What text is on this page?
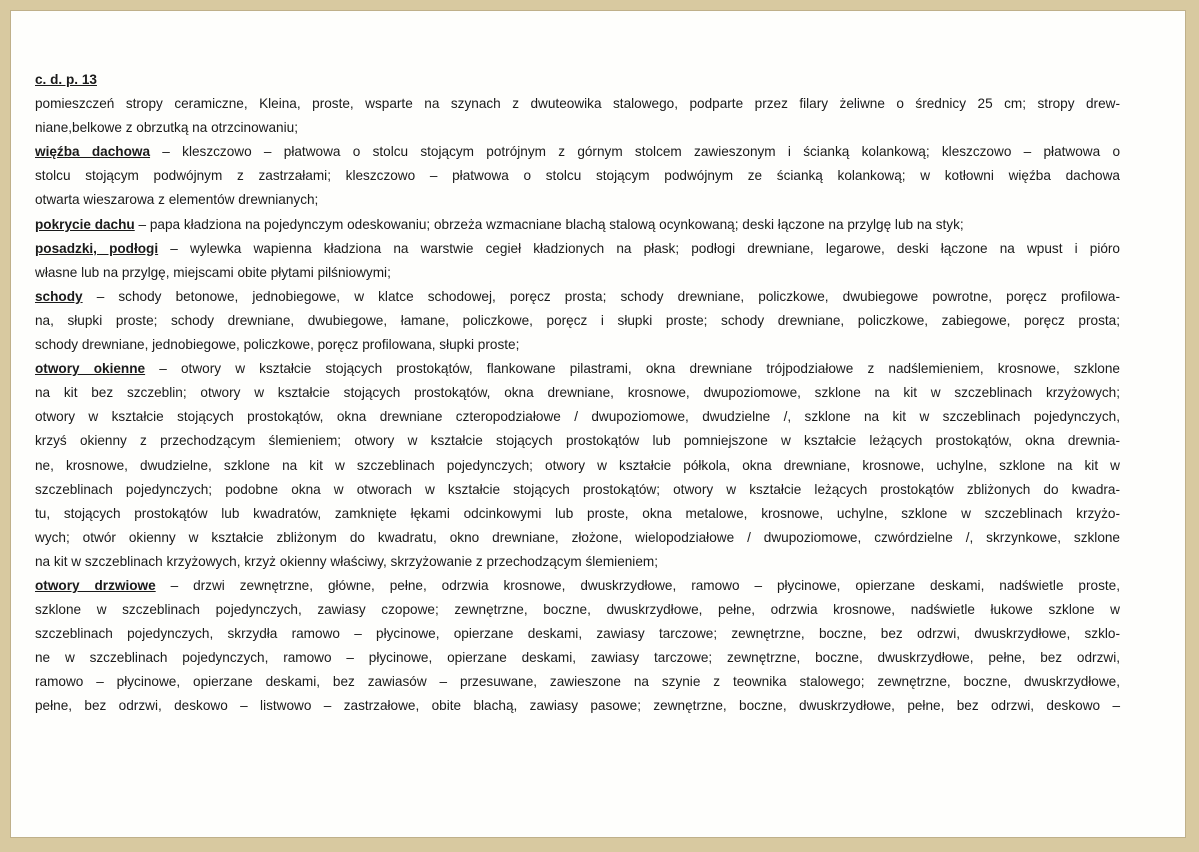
c. d. p. 13
pomieszczeń stropy ceramiczne, Kleina, proste, wsparte na szynach z dwuteowika stalowego, podparte przez filary żeliwne o średnicy 25 cm; stropy drew-
niane,belkowe z obrzutką na otrzcinowaniu;
więźba dachowa – kleszczowo – płatwowa o stolcu stojącym potrójnym z górnym stolcem zawieszonym i ścianką kolankową; kleszczowo – płatwowa o
stolcu stojącym podwójnym z zastrzałami; kleszczowo – płatwowa o stolcu stojącym podwójnym ze ścianką kolankową; w kotłowni więźba dachowa
otwarta wieszarowa z elementów drewnianych;
pokrycie dachu – papa kładziona na pojedynczym odeskowaniu; obrzeża wzmacniane blachą stalową ocynkowaną; deski łączone na przylgę lub na styk;
posadzki, podłogi – wylewka wapienna kładziona na warstwie cegieł kładzionych na płask; podłogi drewniane, legarowe, deski łączone na wpust i pióro
własne lub na przylgę, miejscami obite płytami pilśniowymi;
schody – schody betonowe, jednobiegowe, w klatce schodowej, poręcz prosta; schody drewniane, policzkowe, dwubiegowe powrotne, poręcz profilowa-
na, słupki proste; schody drewniane, dwubiegowe, łamane, policzkowe, poręcz i słupki proste; schody drewniane, policzkowe, zabiegowe, poręcz prosta;
schody drewniane, jednobiegowe, policzkowe, poręcz profilowana, słupki proste;
otwory okienne – otwory w kształcie stojących prostokątów, flankowane pilastrami, okna drewniane trójpodziałowe z nadślemieniem, krosnowe, szklone
na kit bez szczeblin; otwory w kształcie stojących prostokątów, okna drewniane, krosnowe, dwupoziomowe, szklone na kit w szczeblinach krzyżowych;
otwory w kształcie stojących prostokątów, okna drewniane czteropodziałowe / dwupoziomowe, dwudzielne /, szklone na kit w szczeblinach pojedynczych,
krzyś okienny z przechodzącym ślemieniem; otwory w kształcie stojących prostokątów lub pomniejszone w kształcie leżących prostokątów, okna drewnia-
ne, krosnowe, dwudzielne, szklone na kit w szczeblinach pojedynczych; otwory w kształcie półkola, okna drewniane, krosnowe, uchylne, szklone na kit w
szczeblinach pojedynczych; podobne okna w otworach w kształcie stojących prostokątów; otwory w kształcie leżących prostokątów zbliżonych do kwadra-
tu, stojących prostokątów lub kwadratów, zamknięte łękami odcinkowymi lub proste, okna metalowe, krosnowe, uchylne, szklone w szczeblinach krzyżo-
wych; otwór okienny w kształcie zbliżonym do kwadratu, okno drewniane, złożone, wielopodziałowe / dwupoziomowe, czwórdzielne /, skrzynkowe, szklone
na kit w szczeblinach krzyżowych, krzyż okienny właściwy, skrzyżowanie z przechodzącym ślemieniem;
otwory drzwiowe – drzwi zewnętrzne, główne, pełne, odrzwia krosnowe, dwuskrzydłowe, ramowo – płycinowe, opierzane deskami, nadświetle proste,
szklone w szczeblinach pojedynczych, zawiasy czopowe; zewnętrzne, boczne, dwuskrzydłowe, pełne, odrzwia krosnowe, nadświetle łukowe szklone w
szczeblinach pojedynczych, skrzydła ramowo – płycinowe, opierzane deskami, zawiasy tarczowe; zewnętrzne, boczne, bez odrzwi, dwuskrzydłowe, szklo-
ne w szczeblinach pojedynczych, ramowo – płycinowe, opierzane deskami, zawiasy tarczowe; zewnętrzne, boczne, dwuskrzydłowe, pełne, bez odrzwi,
ramowo – płycinowe, opierzane deskami, bez zawiasów – przesuwane, zawieszone na szynie z teownika stalowego; zewnętrzne, boczne, dwuskrzydłowe,
pełne, bez odrzwi, deskowo – listwowo – zastrzałowe, obite blachą, zawiasy pasowe; zewnętrzne, boczne, dwuskrzydłowe, pełne, bez odrzwi, deskowo –
